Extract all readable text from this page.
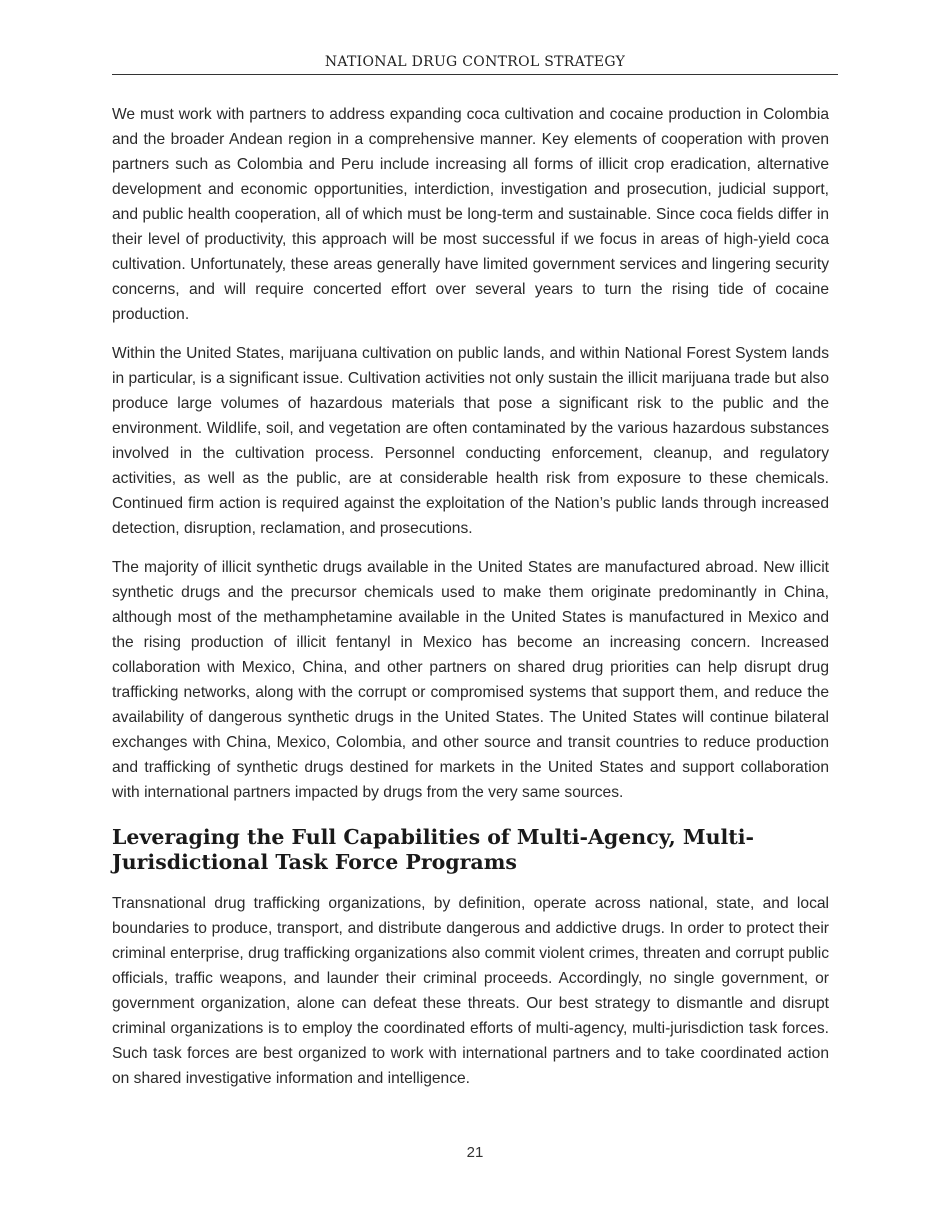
NATIONAL DRUG CONTROL STRATEGY

We must work with partners to address expanding coca cultivation and cocaine production in Colombia and the broader Andean region in a comprehensive manner. Key elements of cooperation with proven partners such as Colombia and Peru include increasing all forms of illicit crop eradication, alternative development and economic opportunities, interdiction, investigation and prosecution, judicial support, and public health cooperation, all of which must be long-term and sustainable. Since coca fields differ in their level of productivity, this approach will be most successful if we focus in areas of high-yield coca cultivation. Unfortunately, these areas generally have limited government services and lingering security concerns, and will require concerted effort over several years to turn the rising tide of cocaine production.

Within the United States, marijuana cultivation on public lands, and within National Forest System lands in particular, is a significant issue. Cultivation activities not only sustain the illicit marijuana trade but also produce large volumes of hazardous materials that pose a significant risk to the public and the environment. Wildlife, soil, and vegetation are often contaminated by the various hazardous substances involved in the cultivation process. Personnel conducting enforcement, cleanup, and regulatory activities, as well as the public, are at considerable health risk from exposure to these chemicals. Continued firm action is required against the exploitation of the Nation’s public lands through increased detection, disruption, reclamation, and prosecutions.

The majority of illicit synthetic drugs available in the United States are manufactured abroad. New illicit synthetic drugs and the precursor chemicals used to make them originate predominantly in China, although most of the methamphetamine available in the United States is manufactured in Mexico and the rising production of illicit fentanyl in Mexico has become an increasing concern. Increased collaboration with Mexico, China, and other partners on shared drug priorities can help disrupt drug trafficking networks, along with the corrupt or compromised systems that support them, and reduce the availability of dangerous synthetic drugs in the United States. The United States will continue bilateral exchanges with China, Mexico, Colombia, and other source and transit countries to reduce production and trafficking of synthetic drugs destined for markets in the United States and support collaboration with international partners impacted by drugs from the very same sources.

Leveraging the Full Capabilities of Multi-Agency, Multi-Jurisdictional Task Force Programs

Transnational drug trafficking organizations, by definition, operate across national, state, and local boundaries to produce, transport, and distribute dangerous and addictive drugs. In order to protect their criminal enterprise, drug trafficking organizations also commit violent crimes, threaten and corrupt public officials, traffic weapons, and launder their criminal proceeds. Accordingly, no single government, or government organization, alone can defeat these threats. Our best strategy to dismantle and disrupt criminal organizations is to employ the coordinated efforts of multi-agency, multi-jurisdiction task forces. Such task forces are best organized to work with international partners and to take coordinated action on shared investigative information and intelligence.

21
